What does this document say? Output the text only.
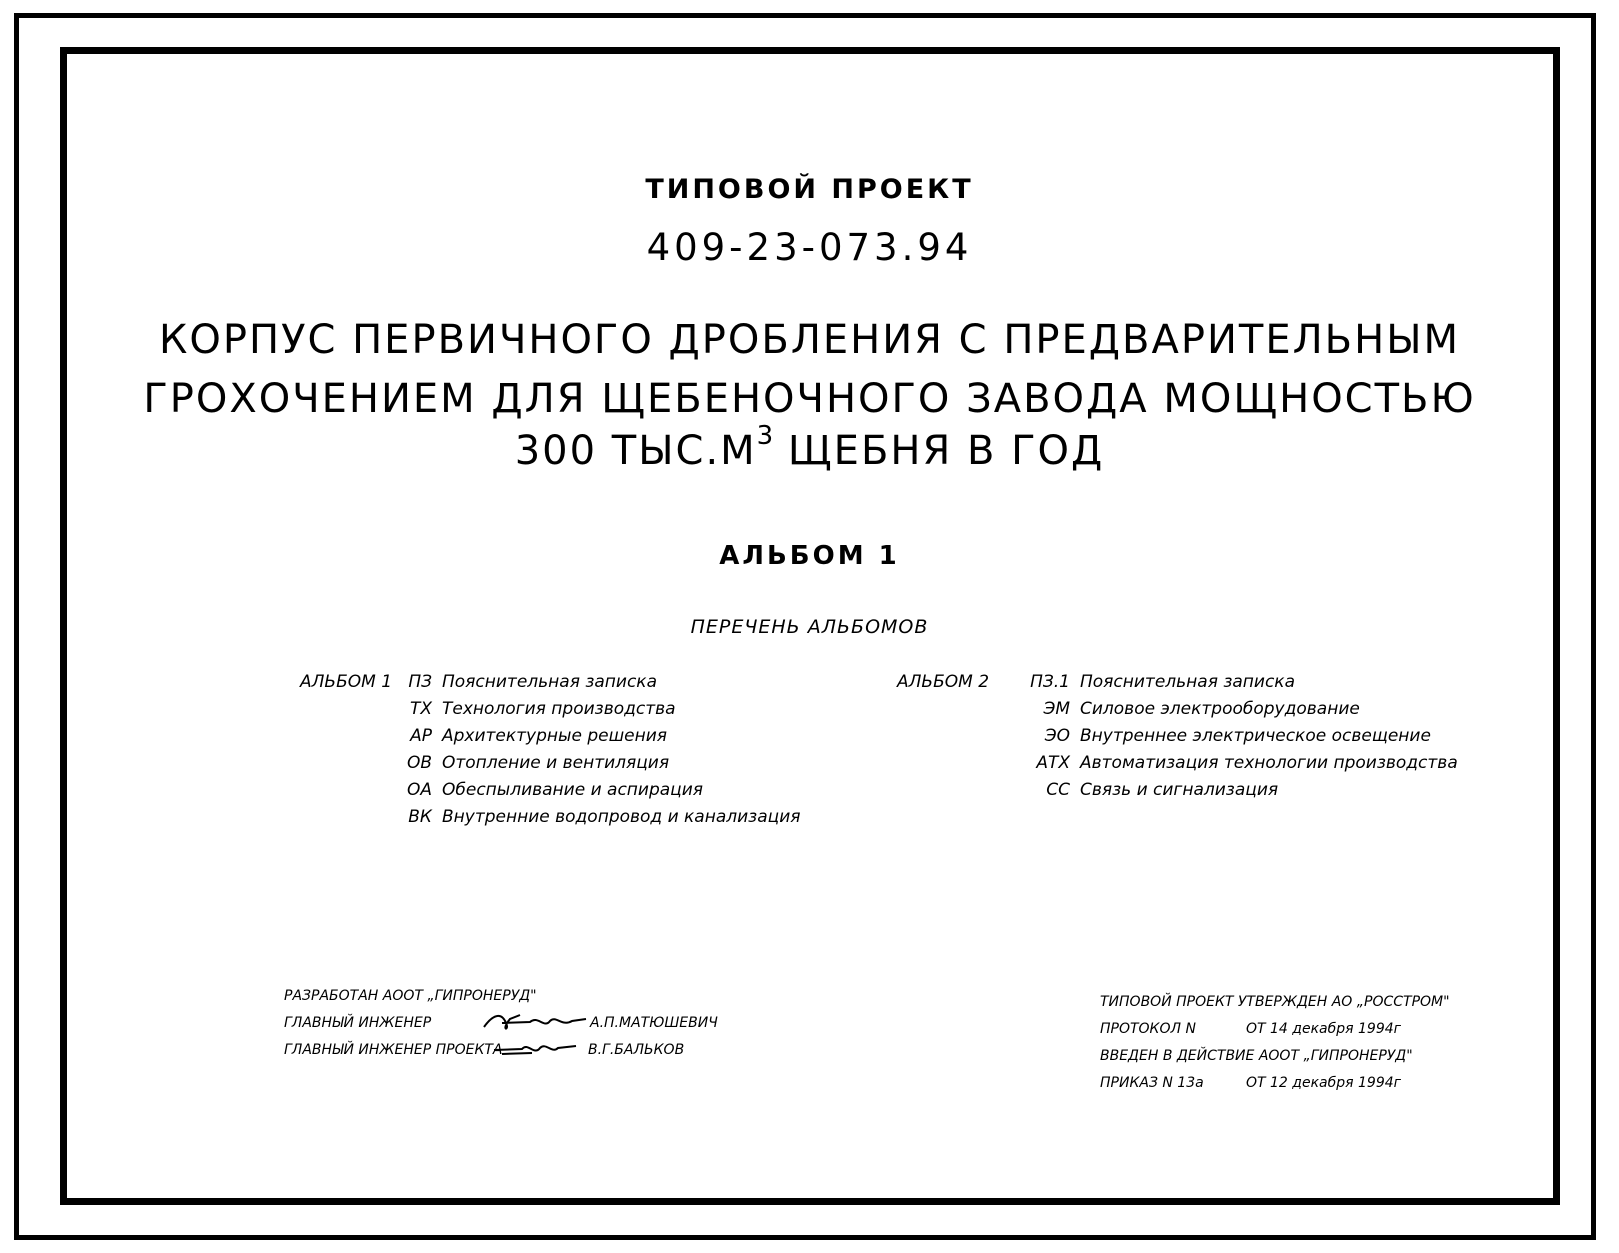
ТИПОВОЙ ПРОЕКТ
409-23-073.94
КОРПУС ПЕРВИЧНОГО ДРОБЛЕНИЯ С ПРЕДВАРИТЕЛЬНЫМ
ГРОХОЧЕНИЕМ ДЛЯ ЩЕБЕНОЧНОГО ЗАВОДА МОЩНОСТЬЮ
300 $ТЫС.М^3$ ЩЕБНЯ В ГОД
АЛЬБОМ 1
ПЕРЕЧЕНЬ АЛЬБОМОВ
АЛЬБОМ 1 ПЗ Пояснительная записка
ТХ Технология производства
АР Архитектурные решения
ОВ Отопление и вентиляция
ОА Обеспыливание и аспирация
ВК Внутренние водопровод и канализация
АЛЬБОМ 2 ПЗ.1 Пояснительная записка
ЭМ Силовое электрооборудование
ЭО Внутреннее электрическое освещение
АТХ Автоматизация технологии производства
СС Связь и сигнализация
РАЗРАБОТАН АООТ „ГИПРОНЕРУД"
ГЛАВНЫЙ ИНЖЕНЕР	А.П.МАТЮШЕВИЧ
ГЛАВНЫЙ ИНЖЕНЕР ПРОЕКТА	В.Г.БАЛЬКОВ
ТИПОВОЙ ПРОЕКТ УТВЕРЖДЕН АО „РОССТРОМ"
ПРОТОКОЛ N	ОТ 14 декабря 1994г
ВВЕДЕН В ДЕЙСТВИЕ АООТ „ГИПРОНЕРУД"
ПРИКАЗ N 13а	ОТ 12 декабря 1994г
